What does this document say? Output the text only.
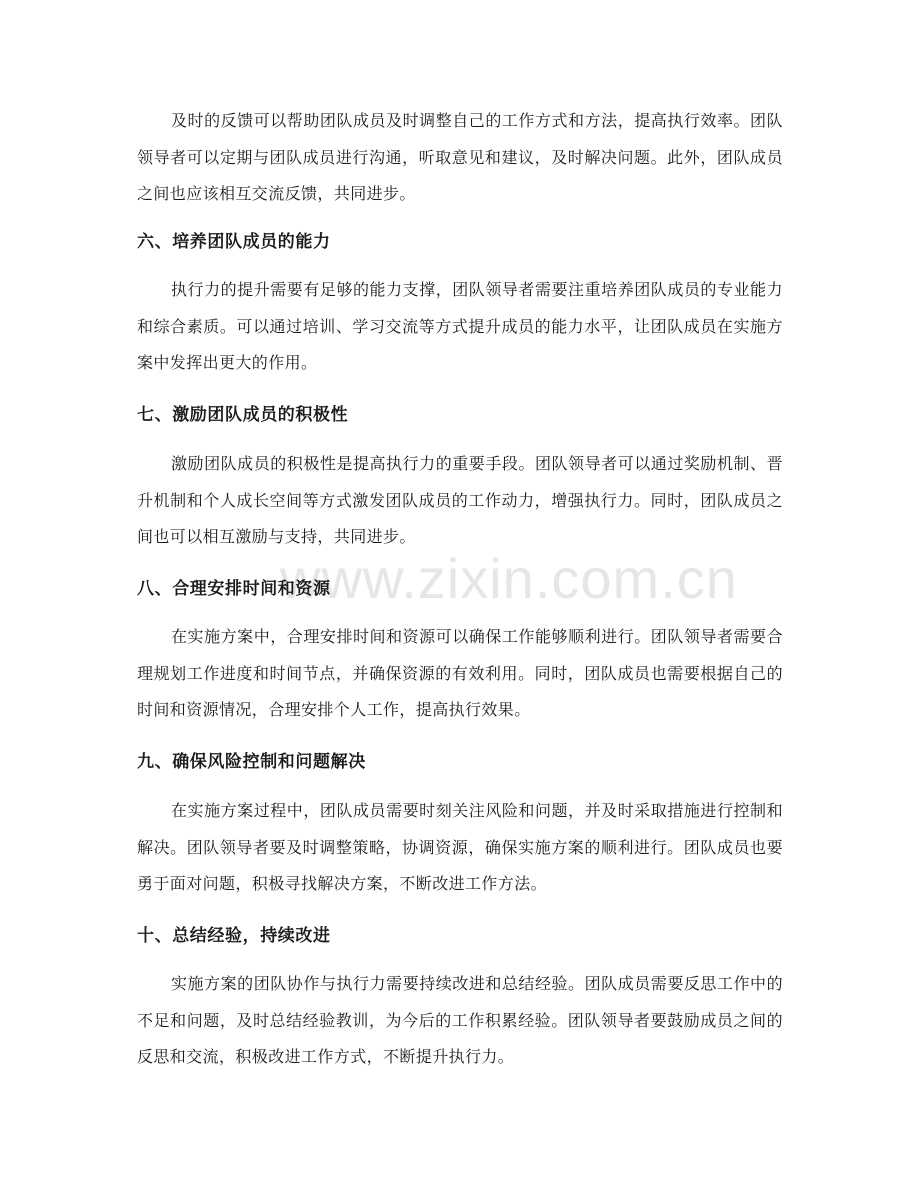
www.zixin.com.cn

及时的反馈可以帮助团队成员及时调整自己的工作方式和方法，提高执行效率。团队领导者可以定期与团队成员进行沟通，听取意见和建议，及时解决问题。此外，团队成员之间也应该相互交流反馈，共同进步。

六、培养团队成员的能力

执行力的提升需要有足够的能力支撑，团队领导者需要注重培养团队成员的专业能力和综合素质。可以通过培训、学习交流等方式提升成员的能力水平，让团队成员在实施方案中发挥出更大的作用。

七、激励团队成员的积极性

激励团队成员的积极性是提高执行力的重要手段。团队领导者可以通过奖励机制、晋升机制和个人成长空间等方式激发团队成员的工作动力，增强执行力。同时，团队成员之间也可以相互激励与支持，共同进步。

八、合理安排时间和资源

在实施方案中，合理安排时间和资源可以确保工作能够顺利进行。团队领导者需要合理规划工作进度和时间节点，并确保资源的有效利用。同时，团队成员也需要根据自己的时间和资源情况，合理安排个人工作，提高执行效果。

九、确保风险控制和问题解决

在实施方案过程中，团队成员需要时刻关注风险和问题，并及时采取措施进行控制和解决。团队领导者要及时调整策略，协调资源，确保实施方案的顺利进行。团队成员也要勇于面对问题，积极寻找解决方案，不断改进工作方法。

十、总结经验，持续改进

实施方案的团队协作与执行力需要持续改进和总结经验。团队成员需要反思工作中的不足和问题，及时总结经验教训，为今后的工作积累经验。团队领导者要鼓励成员之间的反思和交流，积极改进工作方式，不断提升执行力。
